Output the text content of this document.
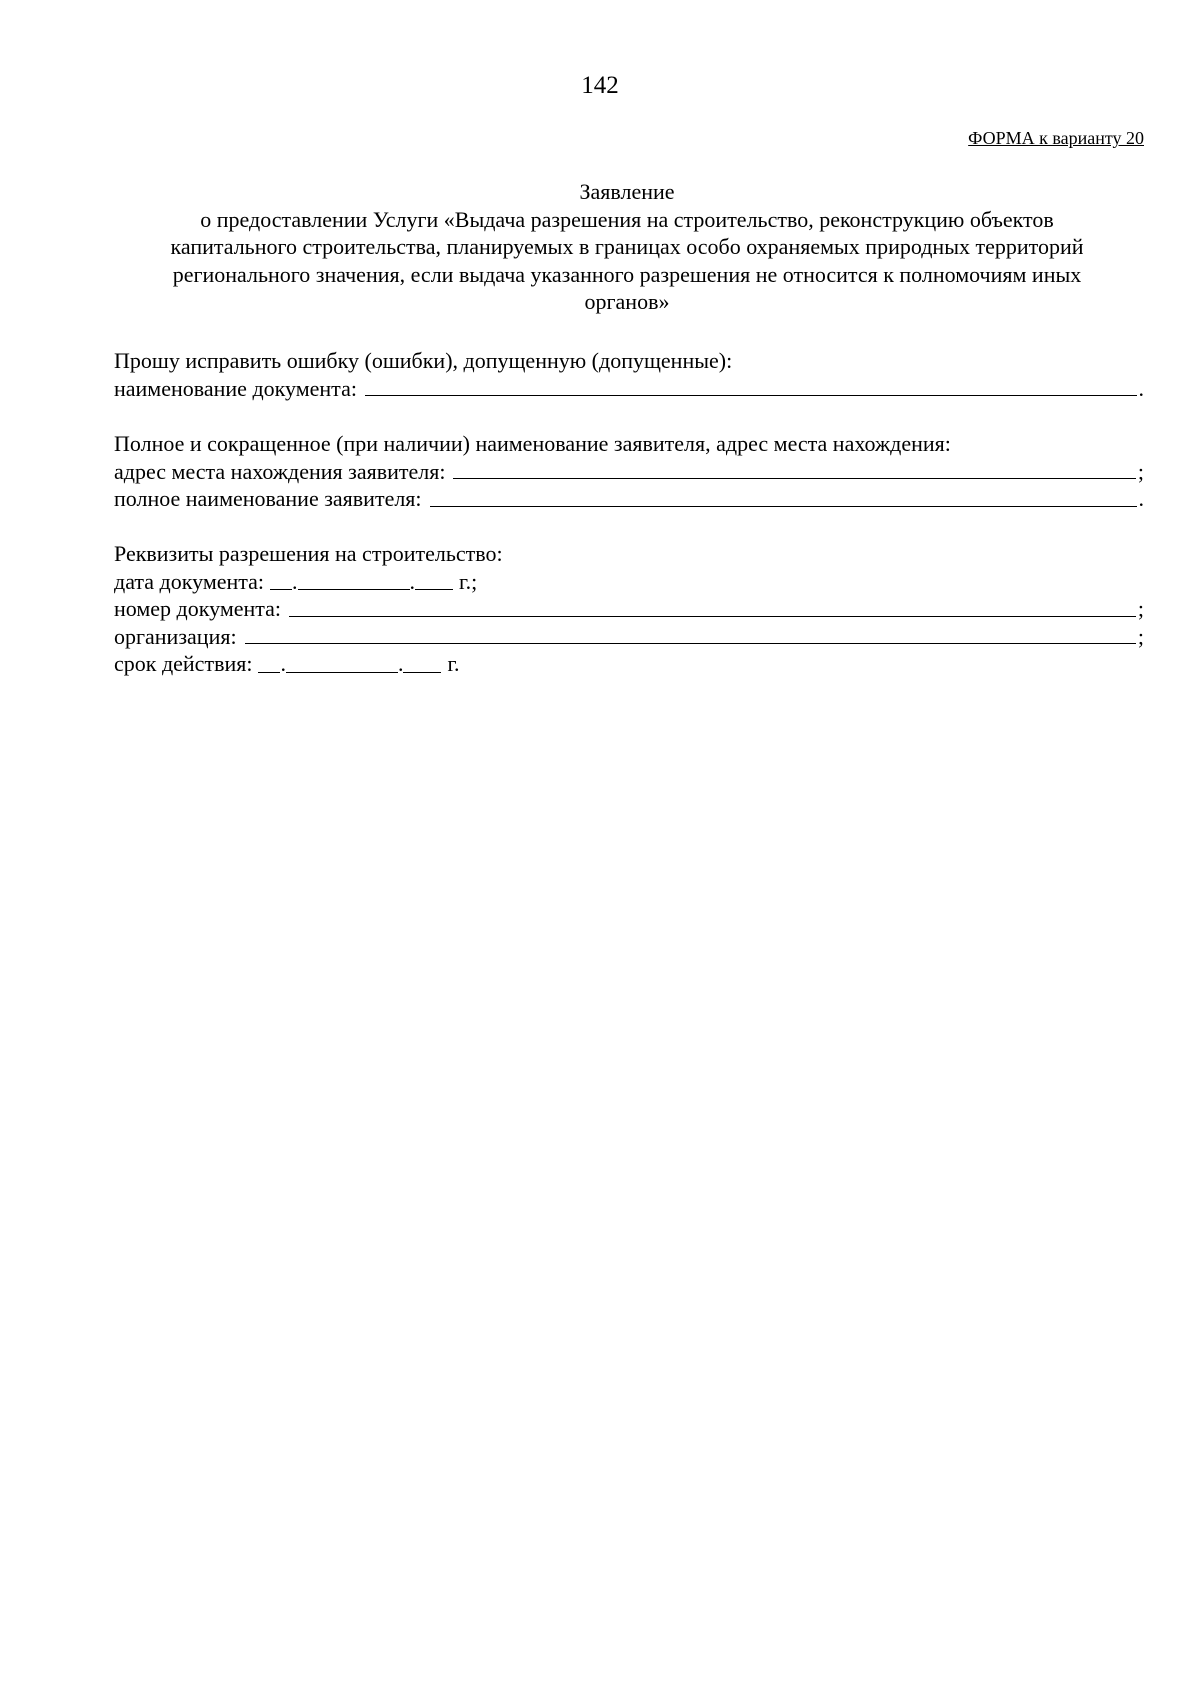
142
ФОРМА к варианту 20
Заявление
о предоставлении Услуги «Выдача разрешения на строительство, реконструкцию объектов
капитального строительства, планируемых в границах особо охраняемых природных территорий
регионального значения, если выдача указанного разрешения не относится к полномочиям иных
органов»
Прошу исправить ошибку (ошибки), допущенную (допущенные):
наименование документа:	.
Полное и сокращенное (при наличии) наименование заявителя, адрес места нахождения:
адрес места нахождения заявителя:	;
полное наименование заявителя:	.
Реквизиты разрешения на строительство:
дата документа: .	. г.;
номер документа:	;
организация:	;
срок действия: .	. г.
